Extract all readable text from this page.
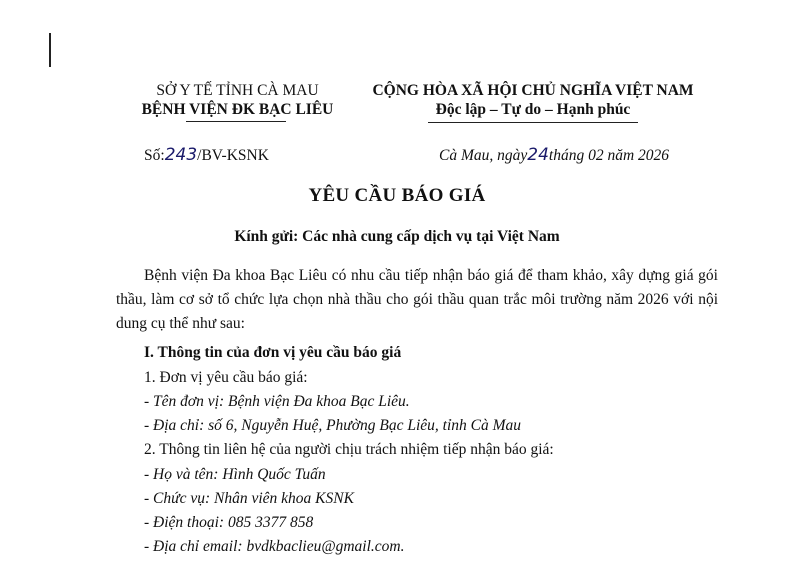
SỞ Y TẾ TỈNH CÀ MAU
BỆNH VIỆN ĐK BẠC LIÊU
CỘNG HÒA XÃ HỘI CHỦ NGHĨA VIỆT NAM
Độc lập – Tự do – Hạnh phúc
Số:243/BV-KSNK	Cà Mau, ngày24tháng 02 năm 2026
YÊU CẦU BÁO GIÁ
Kính gửi: Các nhà cung cấp dịch vụ tại Việt Nam
Bệnh viện Đa khoa Bạc Liêu có nhu cầu tiếp nhận báo giá để tham khảo, xây dựng giá gói thầu, làm cơ sở tổ chức lựa chọn nhà thầu cho gói thầu quan trắc môi trường năm 2026 với nội dung cụ thể như sau:
I. Thông tin của đơn vị yêu cầu báo giá
1. Đơn vị yêu cầu báo giá:
- Tên đơn vị: Bệnh viện Đa khoa Bạc Liêu.
- Địa chỉ: số 6, Nguyễn Huệ, Phường Bạc Liêu, tỉnh Cà Mau
2. Thông tin liên hệ của người chịu trách nhiệm tiếp nhận báo giá:
- Họ và tên: Hình Quốc Tuấn
- Chức vụ: Nhân viên khoa KSNK
- Điện thoại: 085 3377 858
- Địa chỉ email: bvdkbaclieu@gmail.com.
